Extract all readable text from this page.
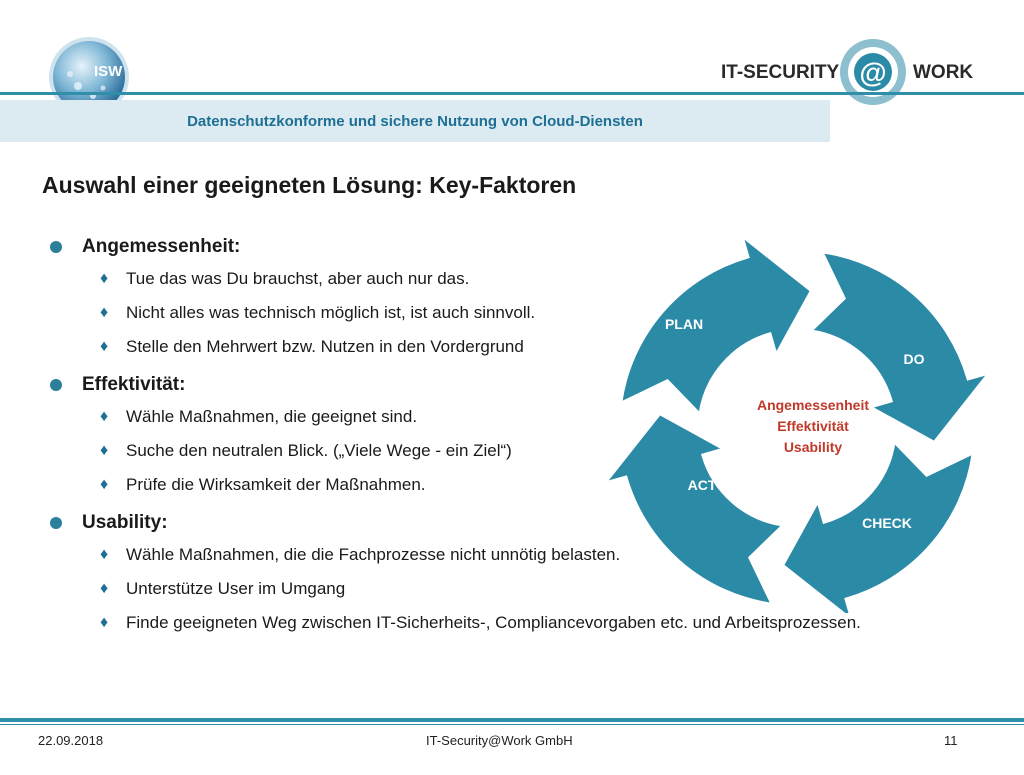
ISW	IT-SECURITY @ WORK
Datenschutzkonforme und sichere Nutzung von Cloud-Diensten
Auswahl einer geeigneten Lösung: Key-Faktoren
Angemessenheit:
♦	Tue das was Du brauchst, aber auch nur das.
♦	Nicht alles was technisch möglich ist, ist auch sinnvoll.
♦	Stelle den Mehrwert bzw. Nutzen in den Vordergrund
Effektivität:
♦	Wähle Maßnahmen, die geeignet sind.
♦	Suche den neutralen Blick. („Viele Wege - ein Ziel“)
♦	Prüfe die Wirksamkeit der Maßnahmen.
Usability:
♦	Wähle Maßnahmen, die die Fachprozesse nicht unnötig belasten.
♦	Unterstütze User im Umgang
♦	Finde geeigneten Weg zwischen IT-Sicherheits-, Compliancevorgaben etc. und Arbeitsprozessen.
PLAN
DO
CHECK
ACT
Angemessenheit
Effektivität
Usability
22.09.2018	IT-Security@Work GmbH	11
